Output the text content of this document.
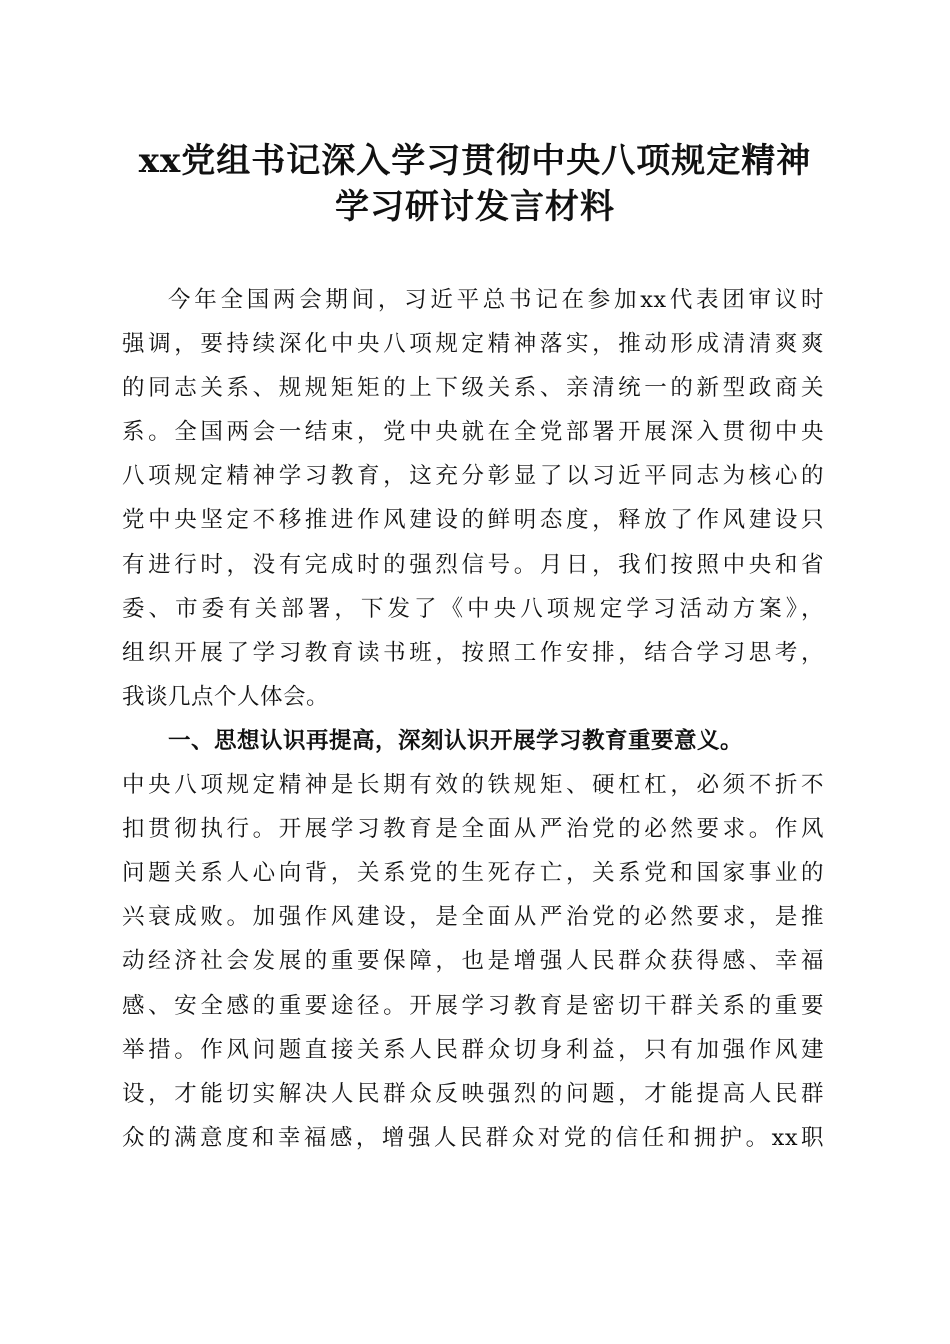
xx党组书记深入学习贯彻中央八项规定精神
学习研讨发言材料
今年全国两会期间，习近平总书记在参加xx代表团审议时
强调，要持续深化中央八项规定精神落实，推动形成清清爽爽
的同志关系、规规矩矩的上下级关系、亲清统一的新型政商关
系。全国两会一结束，党中央就在全党部署开展深入贯彻中央
八项规定精神学习教育，这充分彰显了以习近平同志为核心的
党中央坚定不移推进作风建设的鲜明态度，释放了作风建设只
有进行时，没有完成时的强烈信号。月日，我们按照中央和省
委、市委有关部署，下发了《中央八项规定学习活动方案》，
组织开展了学习教育读书班，按照工作安排，结合学习思考，
我谈几点个人体会。
一、思想认识再提高，深刻认识开展学习教育重要意义。
中央八项规定精神是长期有效的铁规矩、硬杠杠，必须不折不
扣贯彻执行。开展学习教育是全面从严治党的必然要求。作风
问题关系人心向背，关系党的生死存亡，关系党和国家事业的
兴衰成败。加强作风建设，是全面从严治党的必然要求，是推
动经济社会发展的重要保障，也是增强人民群众获得感、幸福
感、安全感的重要途径。开展学习教育是密切干群关系的重要
举措。作风问题直接关系人民群众切身利益，只有加强作风建
设，才能切实解决人民群众反映强烈的问题，才能提高人民群
众的满意度和幸福感，增强人民群众对党的信任和拥护。xx职
